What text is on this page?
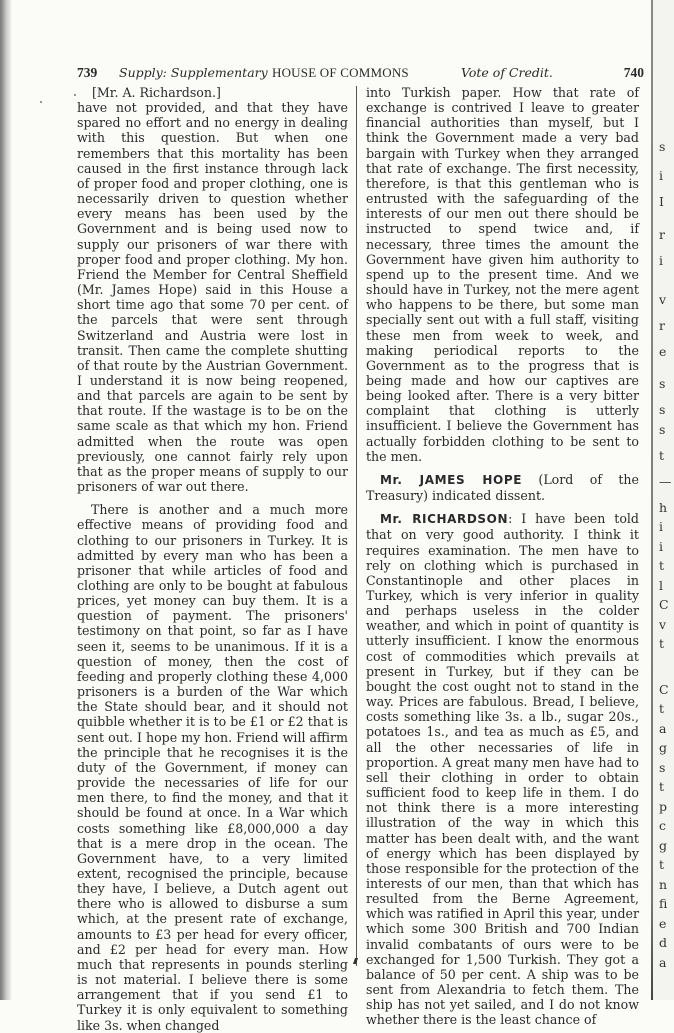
739 Supply: Supplementary HOUSE OF COMMONS	Vote of Credit.	740

[Mr. A. Richardson.]

have not provided, and that they have spared no effort and no energy in dealing with this question. But when one remembers that this mortality has been caused in the first instance through lack of proper food and proper clothing, one is necessarily driven to question whether every means has been used by the Government and is being used now to supply our prisoners of war there with proper food and proper clothing. My hon. Friend the Member for Central Sheffield (Mr. James Hope) said in this House a short time ago that some 70 per cent. of the parcels that were sent through Switzerland and Austria were lost in transit. Then came the complete shutting of that route by the Austrian Government. I understand it is now being reopened, and that parcels are again to be sent by that route. If the wastage is to be on the same scale as that which my hon. Friend admitted when the route was open previously, one cannot fairly rely upon that as the proper means of supply to our prisoners of war out there.

There is another and a much more effective means of providing food and clothing to our prisoners in Turkey. It is admitted by every man who has been a prisoner that while articles of food and clothing are only to be bought at fabulous prices, yet money can buy them. It is a question of payment. The prisoners' testimony on that point, so far as I have seen it, seems to be unanimous. If it is a question of money, then the cost of feeding and properly clothing these 4,000 prisoners is a burden of the War which the State should bear, and it should not quibble whether it is to be £1 or £2 that is sent out. I hope my hon. Friend will affirm the principle that he recognises it is the duty of the Government, if money can provide the necessaries of life for our men there, to find the money, and that it should be found at once. In a War which costs something like £8,000,000 a day that is a mere drop in the ocean. The Government have, to a very limited extent, recognised the principle, because they have, I believe, a Dutch agent out there who is allowed to disburse a sum which, at the present rate of exchange, amounts to £3 per head for every officer, and £2 per head for every man. How much that represents in pounds sterling is not material. I believe there is some arrangement that if you send £1 to Turkey it is only equivalent to something like 3s. when changed

into Turkish paper. How that rate of exchange is contrived I leave to greater financial authorities than myself, but I think the Government made a very bad bargain with Turkey when they arranged that rate of exchange. The first necessity, therefore, is that this gentleman who is entrusted with the safeguarding of the interests of our men out there should be instructed to spend twice and, if necessary, three times the amount the Government have given him authority to spend up to the present time. And we should have in Turkey, not the mere agent who happens to be there, but some man specially sent out with a full staff, visiting these men from week to week, and making periodical reports to the Government as to the progress that is being made and how our captives are being looked after. There is a very bitter complaint that clothing is utterly insufficient. I believe the Government has actually forbidden clothing to be sent to the men.

Mr. JAMES HOPE (Lord of the Treasury) indicated dissent.

Mr. RICHARDSON: I have been told that on very good authority. I think it requires examination. The men have to rely on clothing which is purchased in Constantinople and other places in Turkey, which is very inferior in quality and perhaps useless in the colder weather, and which in point of quantity is utterly insufficient. I know the enormous cost of commodities which prevails at present in Turkey, but if they can be bought the cost ought not to stand in the way. Prices are fabulous. Bread, I believe, costs something like 3s. a lb., sugar 20s., potatoes 1s., and tea as much as £5, and all the other necessaries of life in proportion. A great many men have had to sell their clothing in order to obtain sufficient food to keep life in them. I do not think there is a more interesting illustration of the way in which this matter has been dealt with, and the want of energy which has been displayed by those responsible for the protection of the interests of our men, than that which has resulted from the Berne Agreement, which was ratified in April this year, under which some 300 British and 700 Indian invalid combatants of ours were to be exchanged for 1,500 Turkish. They got a balance of 50 per cent. A ship was to be sent from Alexandria to fetch them. The ship has not yet sailed, and I do not know whether there is the least chance of

s
i
I
r
i
v
r
e
s
s
s
t
—
h
i
i
t
l
C
v
t
C
t
a
g
s
t
p
c
g
t
n
fi
e
d
a
